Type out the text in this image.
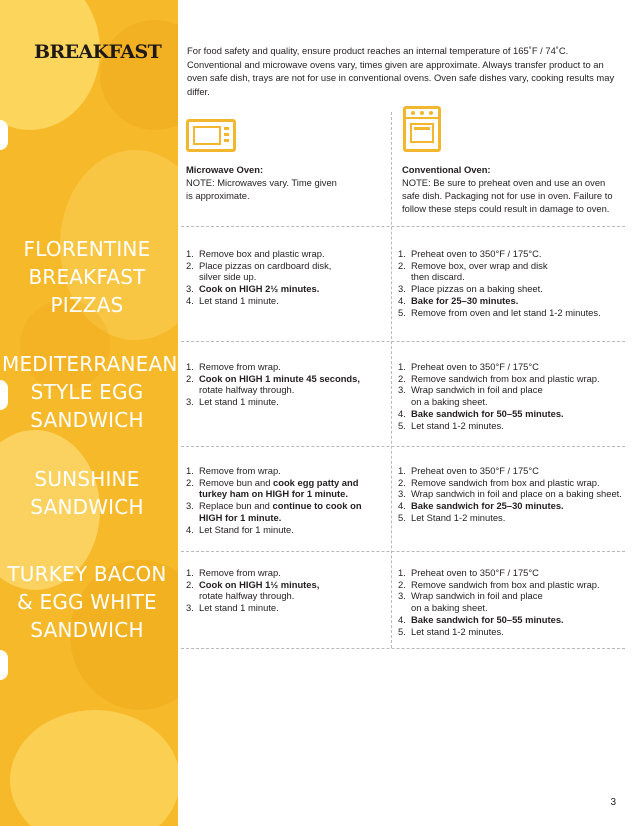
BREAKFAST
FLORENTINE
BREAKFAST
PIZZAS
MEDITERRANEAN
STYLE EGG
SANDWICH
SUNSHINE
SANDWICH
TURKEY BACON
& EGG WHITE
SANDWICH

For food safety and quality, ensure product reaches an internal temperature of 165˚F / 74˚C. Conventional and microwave ovens vary, times given are approximate. Always transfer product to an oven safe dish, trays are not for use in conventional ovens. Oven safe dishes vary, cooking results may differ.

Microwave Oven:
NOTE: Microwaves vary. Time given
is approximate.
Conventional Oven:
NOTE: Be sure to preheat oven and use an oven
safe dish. Packaging not for use in oven. Failure to
follow these steps could result in damage to oven.
1. Remove box and plastic wrap.
2. Place pizzas on cardboard disk,
silver side up.
3. Cook on HIGH 2½ minutes.
4. Let stand 1 minute.
1. Preheat oven to 350°F / 175°C.
2. Remove box, over wrap and disk
then discard.
3. Place pizzas on a baking sheet.
4. Bake for 25–30 minutes.
5. Remove from oven and let stand 1-2 minutes.
1. Remove from wrap.
2. Cook on HIGH 1 minute 45 seconds,
rotate halfway through.
3. Let stand 1 minute.
1. Preheat oven to 350°F / 175°C
2. Remove sandwich from box and plastic wrap.
3. Wrap sandwich in foil and place
on a baking sheet.
4. Bake sandwich for 50–55 minutes.
5. Let stand 1-2 minutes.
1. Remove from wrap.
2. Remove bun and cook egg patty and
turkey ham on HIGH for 1 minute.
3. Replace bun and continue to cook on
HIGH for 1 minute.
4. Let Stand for 1 minute.
1. Preheat oven to 350°F / 175°C
2. Remove sandwich from box and plastic wrap.
3. Wrap sandwich in foil and place on a baking sheet.
4. Bake sandwich for 25–30 minutes.
5. Let Stand 1-2 minutes.
1. Remove from wrap.
2. Cook on HIGH 1½ minutes,
rotate halfway through.
3. Let stand 1 minute.
1. Preheat oven to 350°F / 175°C
2. Remove sandwich from box and plastic wrap.
3. Wrap sandwich in foil and place
on a baking sheet.
4. Bake sandwich for 50–55 minutes.
5. Let stand 1-2 minutes.
3
